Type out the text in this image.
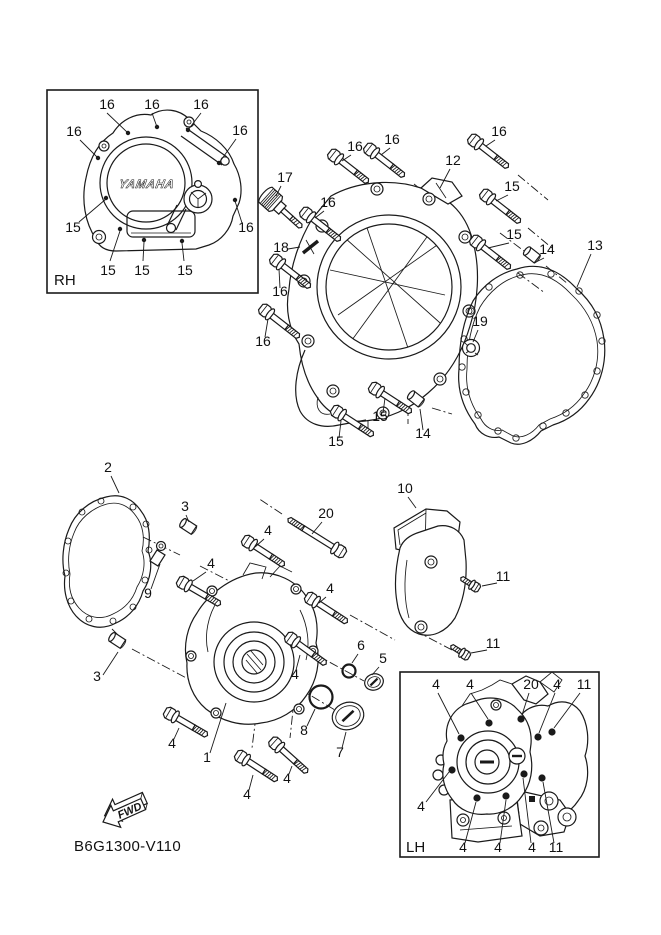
YAMAHA
16 16 16
16	16
16
15
15 15 15
RH
17
16 16	16
12
15
18
15
14 13
16
16
16
19
15
15	14
2
3
9
4
3
20
4
4
10
11
6
5
4
11
8
7
1
4
4
4
4 4	20 4 11
4
4 4 4 11
LH
FWD
B6G1300-V110
